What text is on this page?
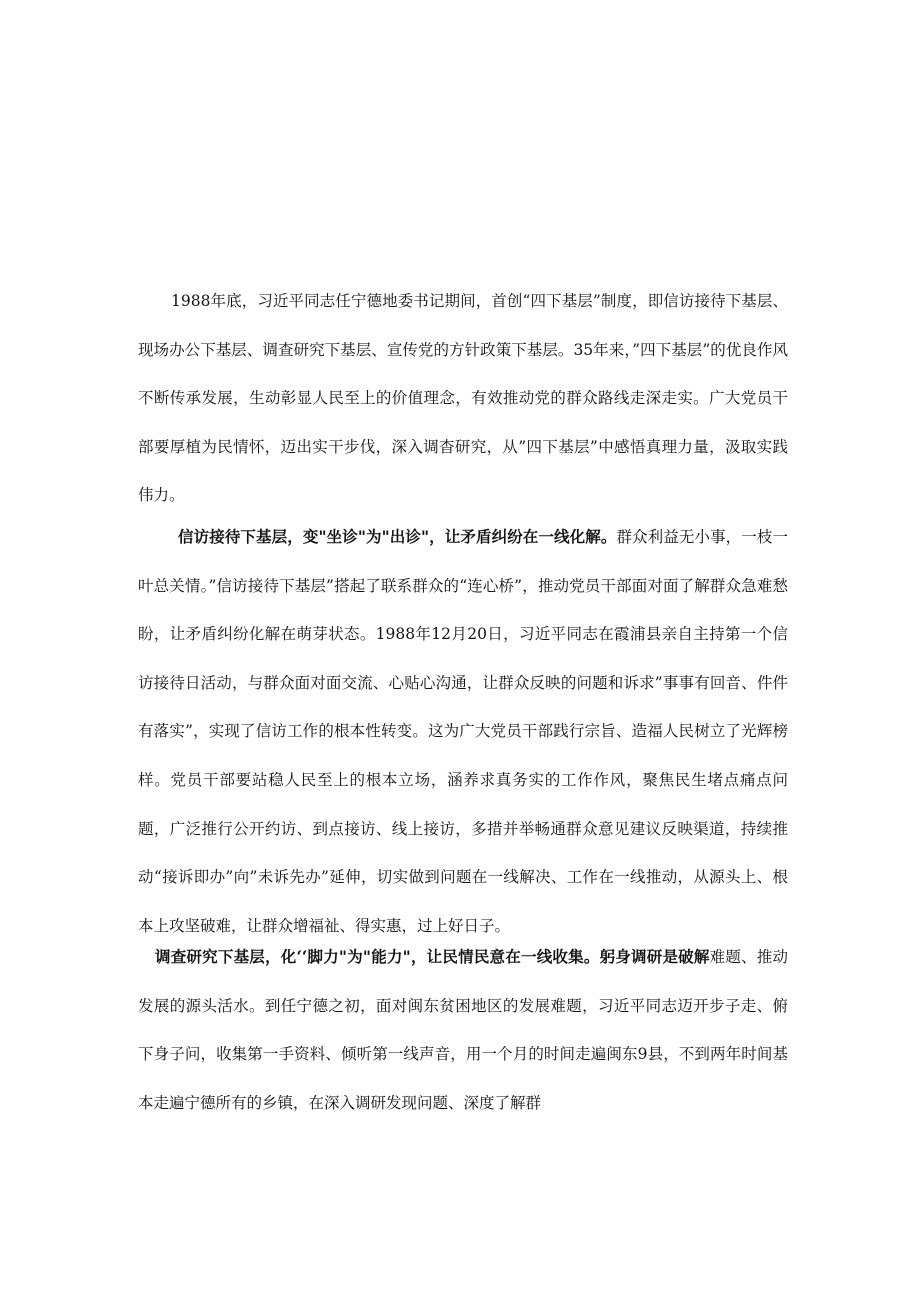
1988年底，习近平同志任宁德地委书记期间，首创“四下基层”制度，即信访接待下基层、现场办公下基层、调查研究下基层、宣传党的方针政策下基层。35年来，”四下基层”的优良作风不断传承发展，生动彰显人民至上的价值理念，有效推动党的群众路线走深走实。广大党员干部要厚植为民情怀，迈出实干步伐，深入调杳研究，从”四下基层”中感悟真理力量，汲取实践伟力。

信访接待下基层，变"坐诊"为"出诊"，让矛盾纠纷在一线化解。群众利益无小事，一枝一叶总关情。”信访接待下基层”搭起了联系群众的“连心桥”，推动党员干部面对面了解群众急难愁盼，让矛盾纠纷化解在萌芽状态。1988年12月20日，习近平同志在霞浦县亲自主持第一个信访接待日活动，与群众面对面交流、心贴心沟通，让群众反映的问题和诉求”事事有回音、件件有落实”，实现了信访工作的根本性转变。这为广大党员干部践行宗旨、造福人民树立了光辉榜样。党员干部要站稳人民至上的根本立场，涵养求真务实的工作作风，聚焦民生堵点痛点问题，广泛推行公开约访、到点接访、线上接访，多措并举畅通群众意见建议反映渠道，持续推动“接诉即办”向”未诉先办”延伸，切实做到问题在一线解决、工作在一线推动，从源头上、根本上攻坚破难，让群众增福祉、得实惠，过上好日子。

调查研究下基层，化‘‘脚力"为"能力"，让民情民意在一线收集。躬身调研是破解难题、推动发展的源头活水。到任宁德之初，面对闽东贫困地区的发展难题，习近平同志迈开步子走、俯下身子问，收集第一手资料、倾听第一线声音，用一个月的时间走遍闽东9县，不到两年时间基本走遍宁德所有的乡镇，在深入调研发现问题、深度了解群
